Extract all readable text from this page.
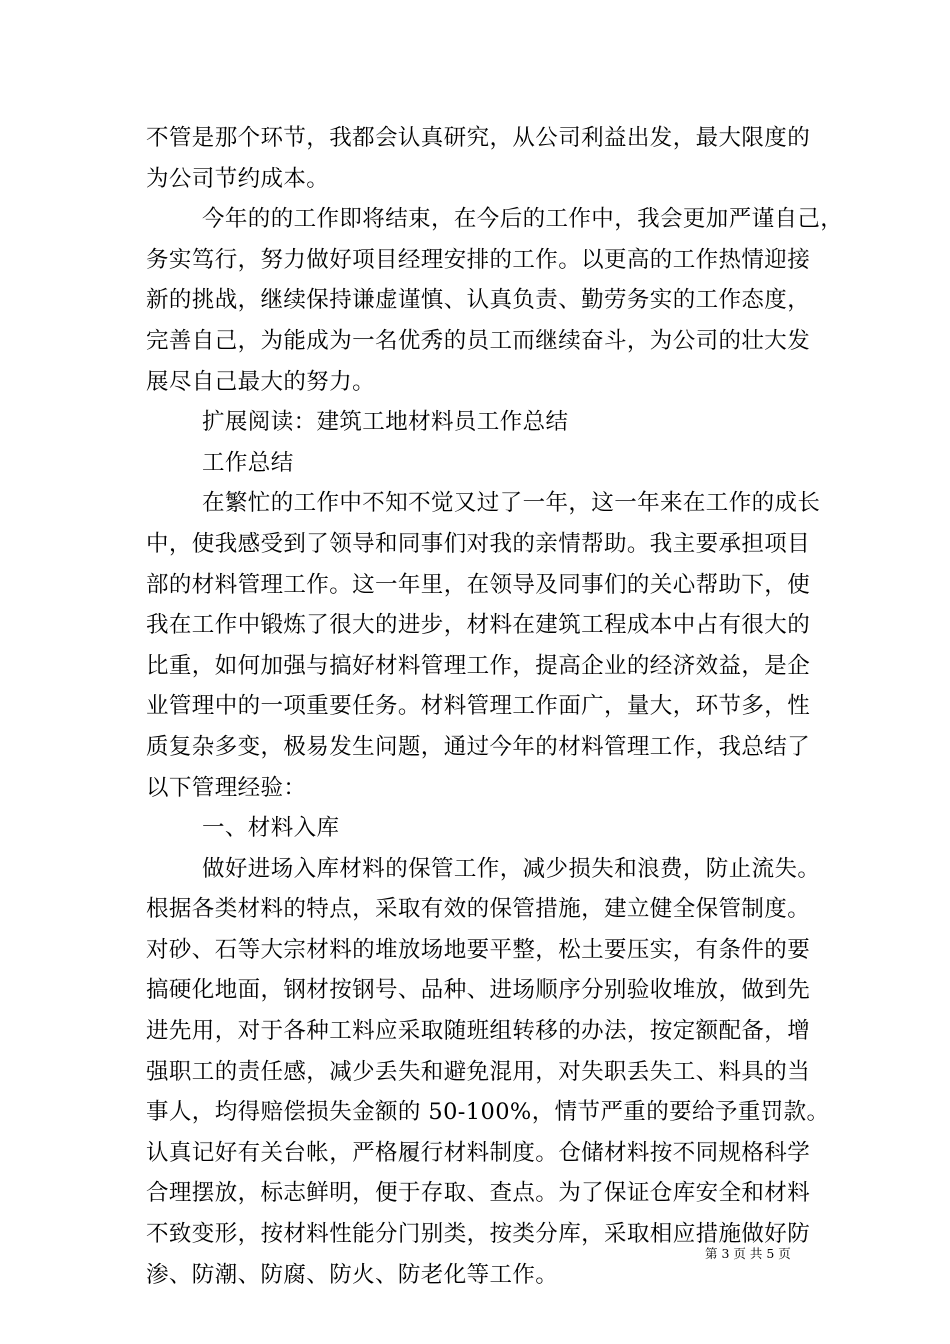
不管是那个环节，我都会认真研究，从公司利益出发，最大限度的
为公司节约成本。
今年的的工作即将结束，在今后的工作中，我会更加严谨自己，
务实笃行，努力做好项目经理安排的工作。以更高的工作热情迎接
新的挑战，继续保持谦虚谨慎、认真负责、勤劳务实的工作态度，
完善自己，为能成为一名优秀的员工而继续奋斗，为公司的壮大发
展尽自己最大的努力。
扩展阅读：建筑工地材料员工作总结
工作总结
在繁忙的工作中不知不觉又过了一年，这一年来在工作的成长
中，使我感受到了领导和同事们对我的亲情帮助。我主要承担项目
部的材料管理工作。这一年里，在领导及同事们的关心帮助下，使
我在工作中锻炼了很大的进步，材料在建筑工程成本中占有很大的
比重，如何加强与搞好材料管理工作，提高企业的经济效益，是企
业管理中的一项重要任务。材料管理工作面广，量大，环节多，性
质复杂多变，极易发生问题，通过今年的材料管理工作，我总结了
以下管理经验：
一、材料入库
做好进场入库材料的保管工作，减少损失和浪费，防止流失。
根据各类材料的特点，采取有效的保管措施，建立健全保管制度。
对砂、石等大宗材料的堆放场地要平整，松土要压实，有条件的要
搞硬化地面，钢材按钢号、品种、进场顺序分别验收堆放，做到先
进先用，对于各种工料应采取随班组转移的办法，按定额配备，增
强职工的责任感，减少丢失和避免混用，对失职丢失工、料具的当
事人，均得赔偿损失金额的 50-100%，情节严重的要给予重罚款。
认真记好有关台帐，严格履行材料制度。仓储材料按不同规格科学
合理摆放，标志鲜明，便于存取、查点。为了保证仓库安全和材料
不致变形，按材料性能分门别类，按类分库，采取相应措施做好防
渗、防潮、防腐、防火、防老化等工作。
第 3 页 共 5 页
